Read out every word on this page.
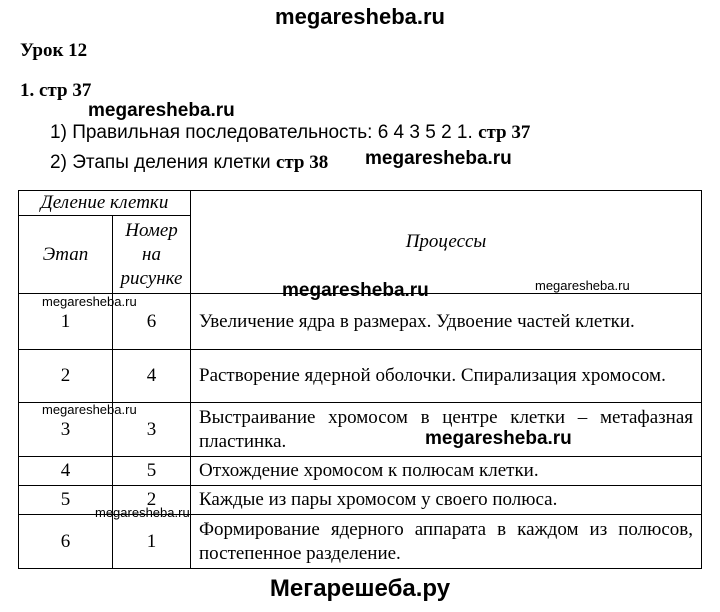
megaresheba.ru
Урок 12
1. стр 37
megaresheba.ru
1) Правильная последовательность: 6 4 3 5 2 1. стр 37
2) Этапы деления клетки стр 38 megaresheba.ru
Деление клетки		Процессы
Этап	Номер на рисунке	
1	6	Увеличение ядра в размерах. Удвоение частей клетки.
2	4	Растворение ядерной оболочки. Спирализация хромосом.
3	3	Выстраивание хромосом в центре клетки – метафазная пластинка.
4	5	Отхождение хромосом к полюсам клетки.
5	2	Каждые из пары хромосом у своего полюса.
6	1	Формирование ядерного аппарата в каждом из полюсов, постепенное разделение.
megaresheba.ru	megaresheba.ru
megaresheba.ru
megaresheba.ru
megaresheba.ru
megaresheba.ru
Мегарешеба.ру
